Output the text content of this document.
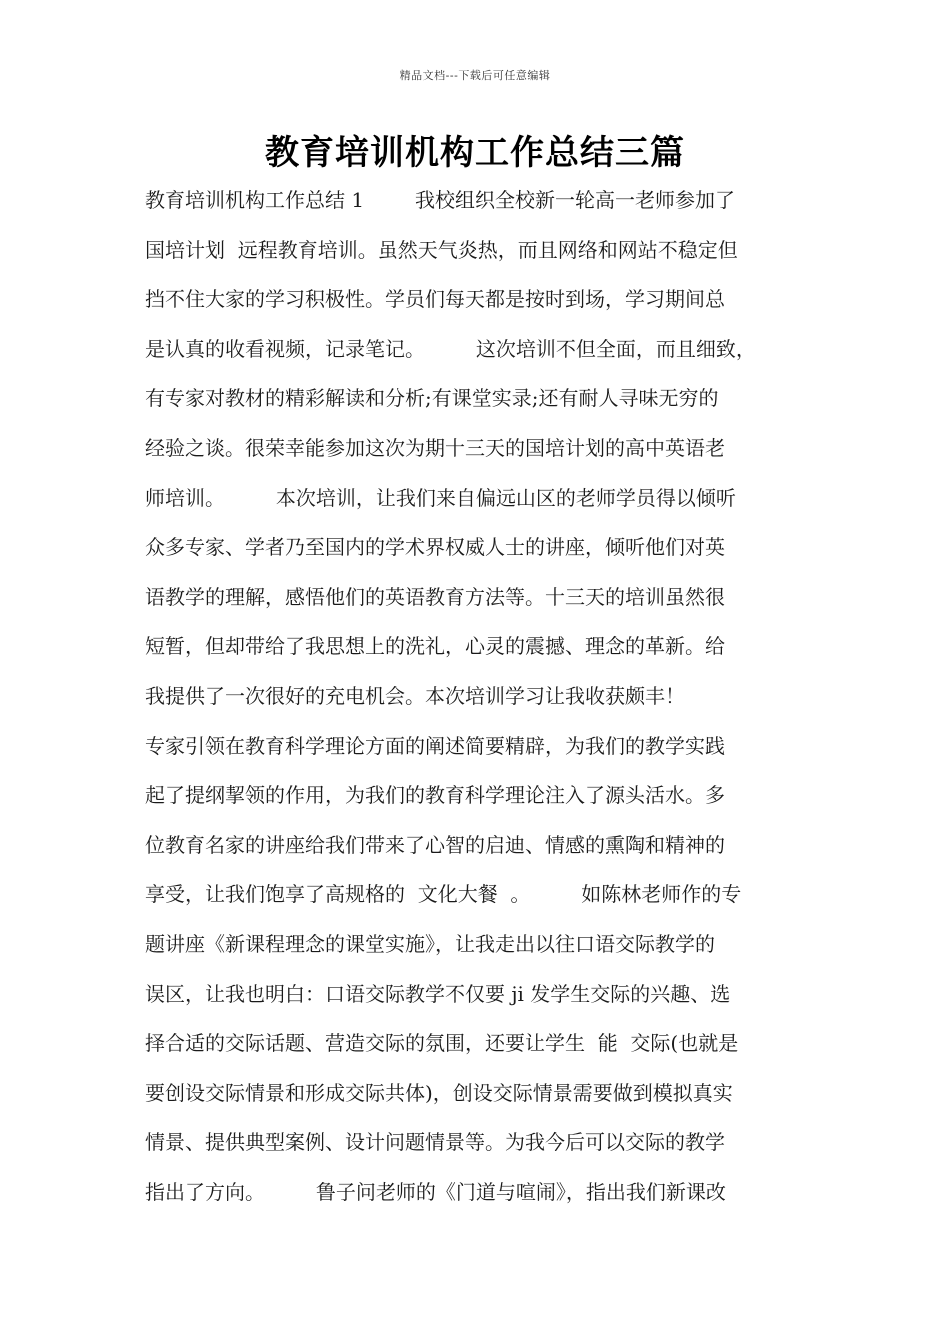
精品文档---下载后可任意编辑
教育培训机构工作总结三篇
教育培训机构工作总结 1        我校组织全校新一轮高一老师参加了
国培计划  远程教育培训。虽然天气炎热，而且网络和网站不稳定但
挡不住大家的学习积极性。学员们每天都是按时到场，学习期间总
是认真的收看视频，记录笔记。        这次培训不但全面，而且细致，
有专家对教材的精彩解读和分析;有课堂实录;还有耐人寻味无穷的
经验之谈。很荣幸能参加这次为期十三天的国培计划的高中英语老
师培训。        本次培训，让我们来自偏远山区的老师学员得以倾听
众多专家、学者乃至国内的学术界权威人士的讲座，倾听他们对英
语教学的理解，感悟他们的英语教育方法等。十三天的培训虽然很
短暂，但却带给了我思想上的洗礼，心灵的震撼、理念的革新。给
我提供了一次很好的充电机会。本次培训学习让我收获颇丰！
专家引领在教育科学理论方面的阐述简要精辟，为我们的教学实践
起了提纲挈领的作用，为我们的教育科学理论注入了源头活水。多
位教育名家的讲座给我们带来了心智的启迪、情感的熏陶和精神的
享受，让我们饱享了高规格的  文化大餐  。        如陈林老师作的专
题讲座《新课程理念的课堂实施》，让我走出以往口语交际教学的
误区，让我也明白：口语交际教学不仅要 ji 发学生交际的兴趣、选
择合适的交际话题、营造交际的氛围，还要让学生  能  交际(也就是
要创设交际情景和形成交际共体)，创设交际情景需要做到模拟真实
情景、提供典型案例、设计问题情景等。为我今后可以交际的教学
指出了方向。        鲁子问老师的《门道与喧闹》，指出我们新课改
